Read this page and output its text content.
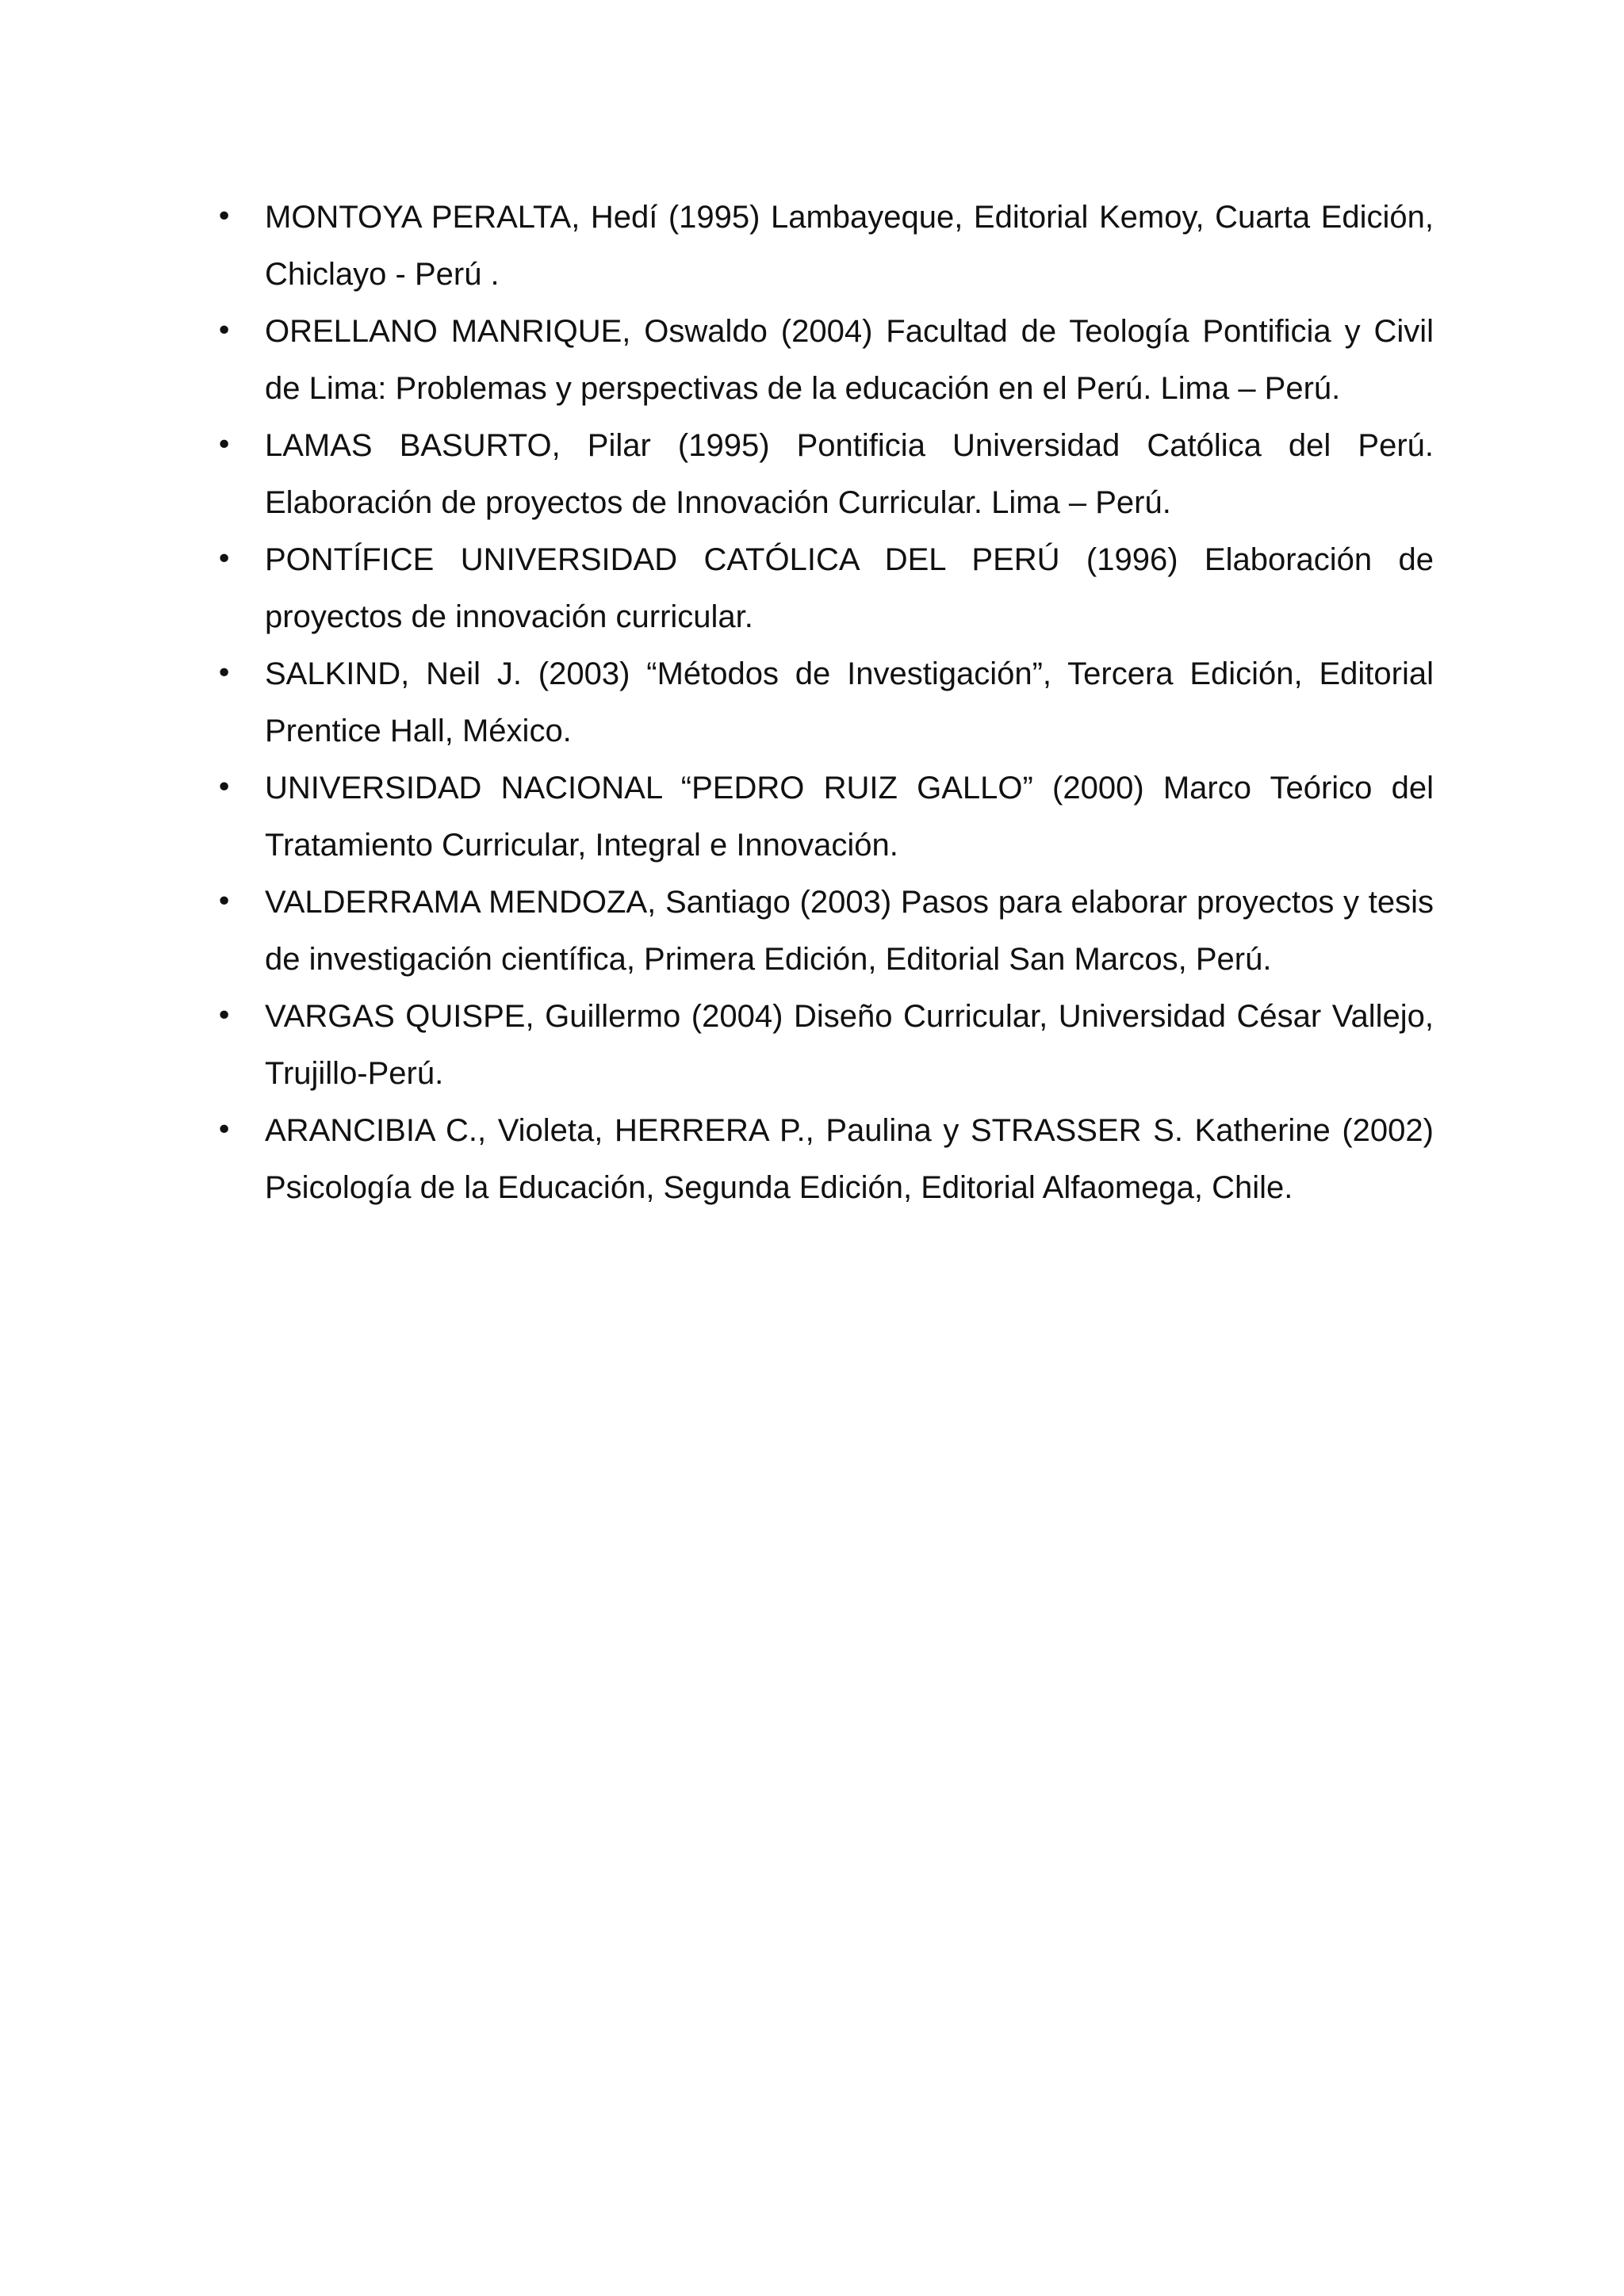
•	MONTOYA PERALTA, Hedí (1995) Lambayeque, Editorial Kemoy, Cuarta Edición, Chiclayo - Perú .
•	ORELLANO MANRIQUE, Oswaldo (2004) Facultad de Teología Pontificia y Civil de Lima: Problemas y perspectivas de la educación en el Perú. Lima – Perú.
•	LAMAS BASURTO, Pilar (1995) Pontificia Universidad Católica del Perú. Elaboración de proyectos de Innovación Curricular. Lima – Perú.
•	PONTÍFICE UNIVERSIDAD CATÓLICA DEL PERÚ (1996) Elaboración de proyectos de innovación curricular.
•	SALKIND, Neil J. (2003) “Métodos de Investigación”, Tercera Edición, Editorial Prentice Hall, México.
•	UNIVERSIDAD NACIONAL “PEDRO RUIZ GALLO” (2000) Marco Teórico del Tratamiento Curricular, Integral e Innovación.
•	VALDERRAMA MENDOZA, Santiago (2003) Pasos para elaborar proyectos y tesis de investigación científica, Primera Edición, Editorial San Marcos, Perú.
•	VARGAS QUISPE, Guillermo (2004) Diseño Curricular, Universidad César Vallejo, Trujillo-Perú.
•	ARANCIBIA C., Violeta, HERRERA P., Paulina y STRASSER S. Katherine (2002) Psicología de la Educación, Segunda Edición, Editorial Alfaomega, Chile.
